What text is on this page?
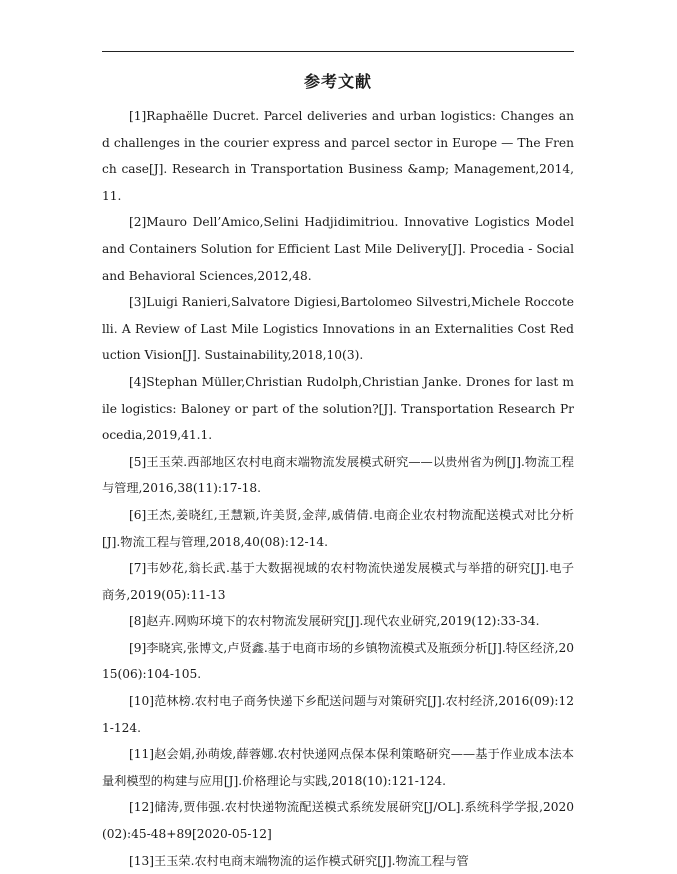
参考文献
[1]Raphaëlle Ducret. Parcel deliveries and urban logistics: Changes and challenges in the courier express and parcel sector in Europe — The French case[J]. Research in Transportation Business &amp; Management,2014,11.
[2]Mauro Dell’Amico,Selini Hadjidimitriou. Innovative Logistics Model and Containers Solution for Efficient Last Mile Delivery[J]. Procedia - Social and Behavioral Sciences,2012,48.
[3]Luigi Ranieri,Salvatore Digiesi,Bartolomeo Silvestri,Michele Roccotelli. A Review of Last Mile Logistics Innovations in an Externalities Cost Reduction Vision[J]. Sustainability,2018,10(3).
[4]Stephan Müller,Christian Rudolph,Christian Janke. Drones for last mile logistics: Baloney or part of the solution?[J]. Transportation Research Procedia,2019,41.1.
[5]王玉荣.西部地区农村电商末端物流发展模式研究——以贵州省为例[J].物流工程与管理,2016,38(11):17-18.
[6]王杰,姜晓红,王慧颖,许美贤,金萍,戚倩倩.电商企业农村物流配送模式对比分析[J].物流工程与管理,2018,40(08):12-14.
[7]韦妙花,翁长武.基于大数据视域的农村物流快递发展模式与举措的研究[J].电子商务,2019(05):11-13
[8]赵卉.网购环境下的农村物流发展研究[J].现代农业研究,2019(12):33-34.
[9]李晓宾,张博文,卢贤鑫.基于电商市场的乡镇物流模式及瓶颈分析[J].特区经济,2015(06):104-105.
[10]范林榜.农村电子商务快递下乡配送问题与对策研究[J].农村经济,2016(09):121-124.
[11]赵会娟,孙萌焌,薛蓉娜.农村快递网点保本保利策略研究——基于作业成本法本量利模型的构建与应用[J].价格理论与实践,2018(10):121-124.
[12]储涛,贾伟强.农村快递物流配送模式系统发展研究[J/OL].系统科学学报,2020(02):45-48+89[2020-05-12]
[13]王玉荣.农村电商末端物流的运作模式研究[J].物流工程与管
